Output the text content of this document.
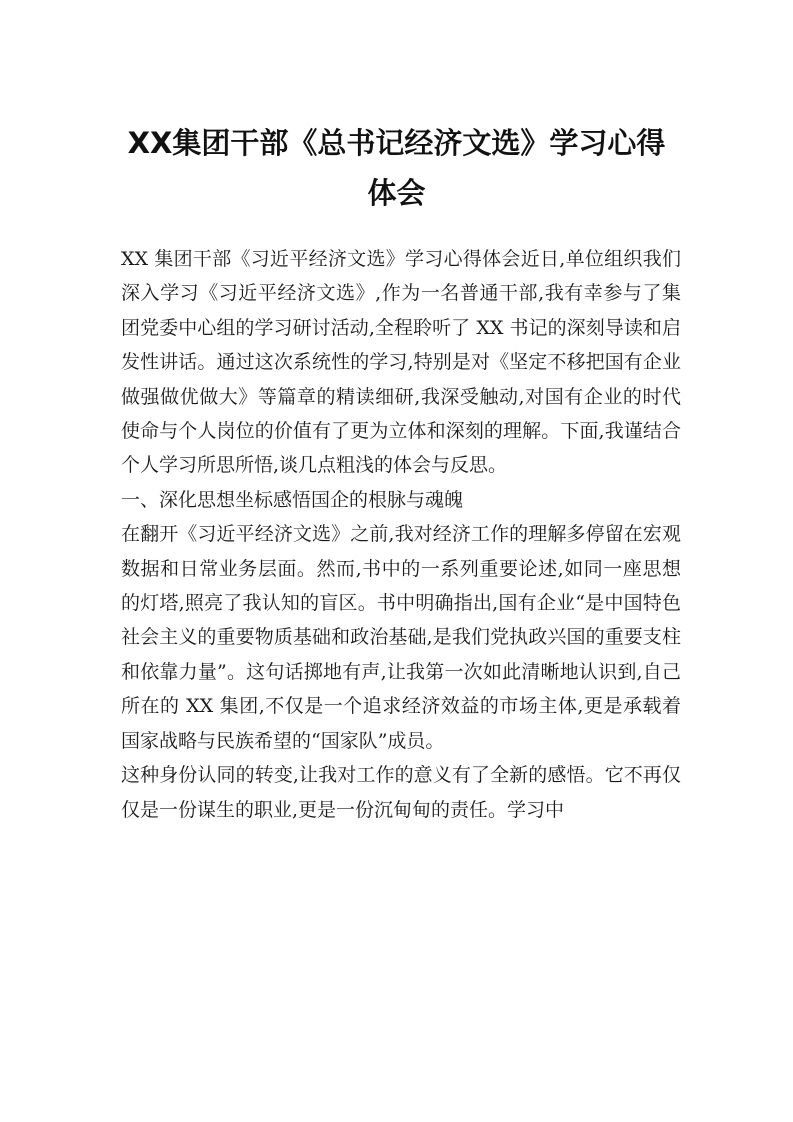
XX集团干部《总书记经济文选》学习心得
体会

XX 集团干部《习近平经济文选》学习心得体会近日,单位组织我们深入学习《习近平经济文选》,作为一名普通干部,我有幸参与了集团党委中心组的学习研讨活动,全程聆听了 XX 书记的深刻导读和启发性讲话。通过这次系统性的学习,特别是对《坚定不移把国有企业做强做优做大》等篇章的精读细研,我深受触动,对国有企业的时代使命与个人岗位的价值有了更为立体和深刻的理解。下面,我谨结合个人学习所思所悟,谈几点粗浅的体会与反思。

一、深化思想坐标感悟国企的根脉与魂魄

在翻开《习近平经济文选》之前,我对经济工作的理解多停留在宏观数据和日常业务层面。然而,书中的一系列重要论述,如同一座思想的灯塔,照亮了我认知的盲区。书中明确指出,国有企业“是中国特色社会主义的重要物质基础和政治基础,是我们党执政兴国的重要支柱和依靠力量”。这句话掷地有声,让我第一次如此清晰地认识到,自己所在的 XX 集团,不仅是一个追求经济效益的市场主体,更是承载着国家战略与民族希望的“国家队”成员。

这种身份认同的转变,让我对工作的意义有了全新的感悟。它不再仅仅是一份谋生的职业,更是一份沉甸甸的责任。学习中
